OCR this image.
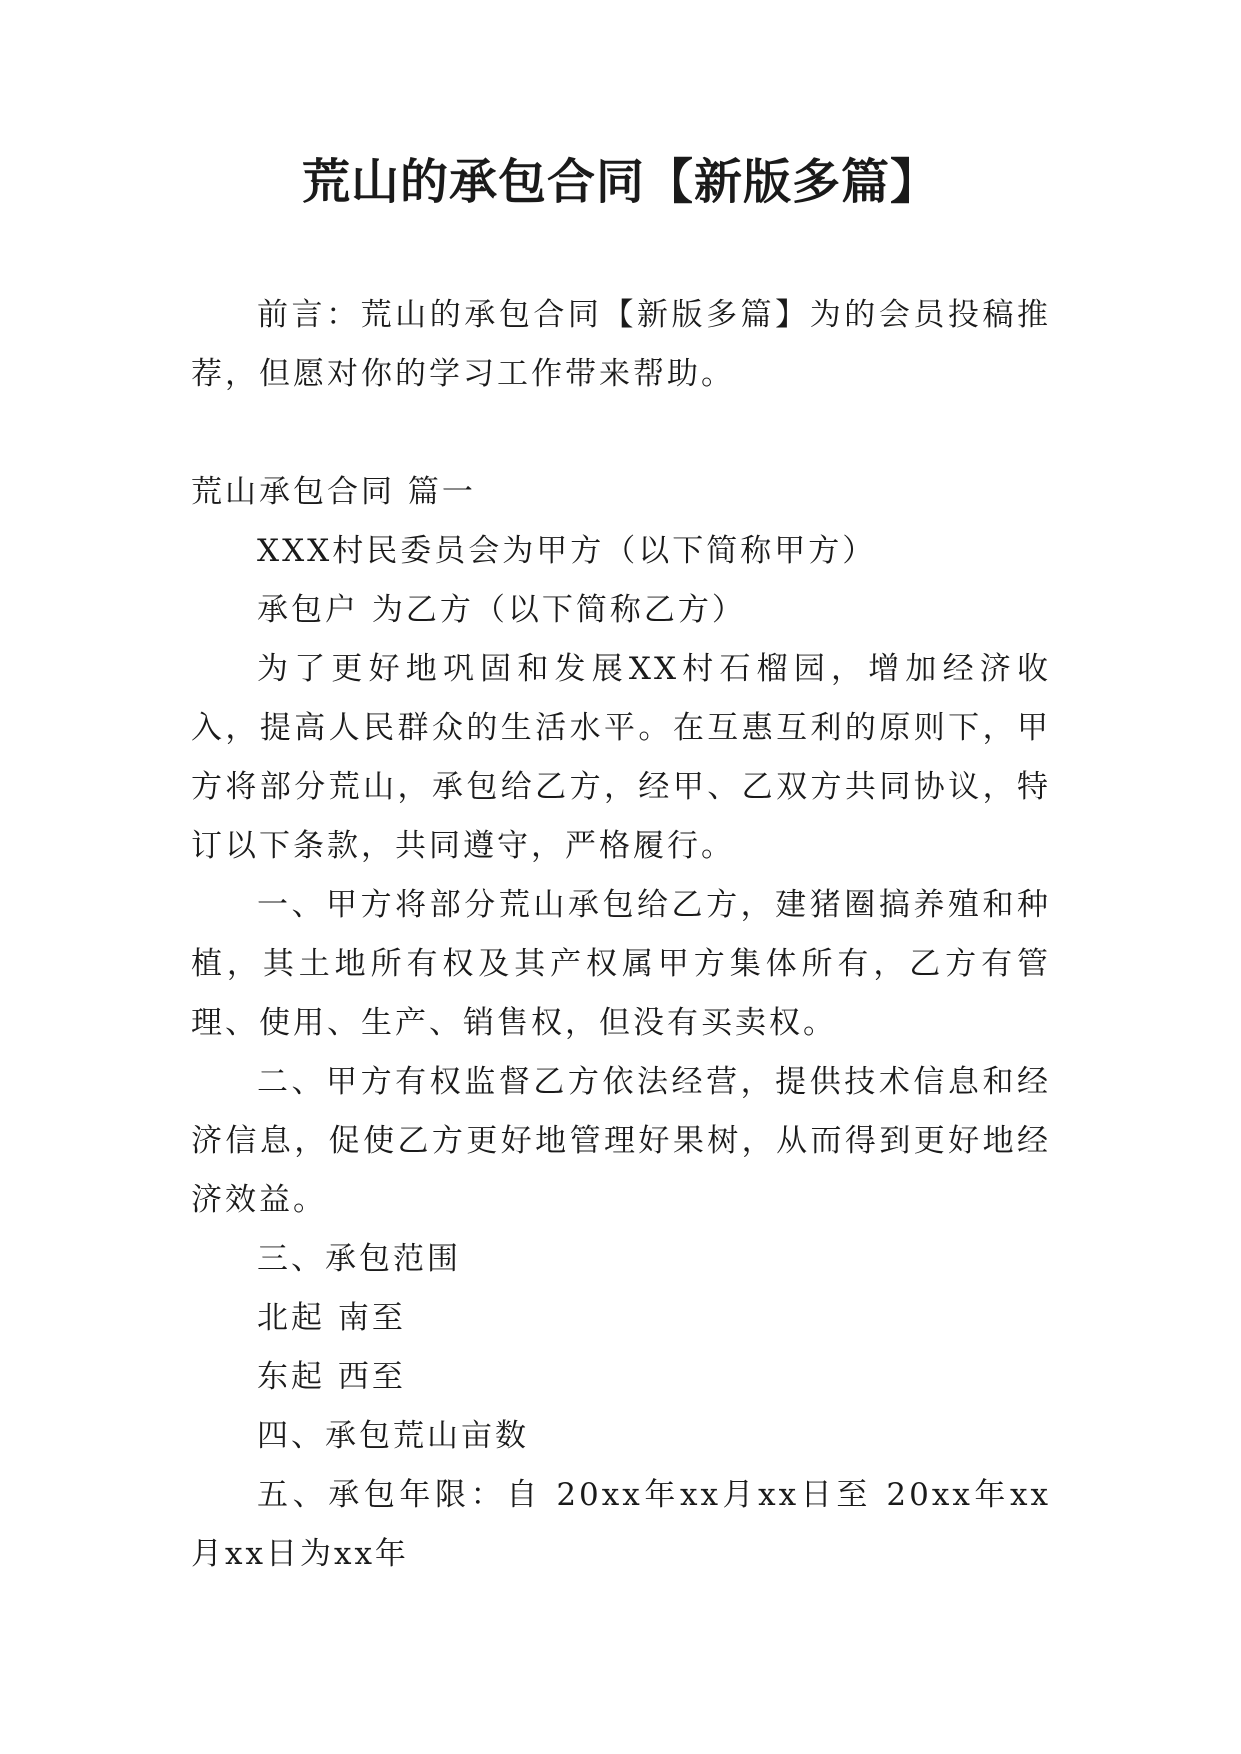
荒山的承包合同【新版多篇】

前言：荒山的承包合同【新版多篇】为的会员投稿推荐，但愿对你的学习工作带来帮助。

荒山承包合同 篇一

XXX村民委员会为甲方（以下简称甲方）

承包户 为乙方（以下简称乙方）

为了更好地巩固和发展XX村石榴园，增加经济收入，提高人民群众的生活水平。在互惠互利的原则下，甲方将部分荒山，承包给乙方，经甲、乙双方共同协议，特订以下条款，共同遵守，严格履行。

一、甲方将部分荒山承包给乙方，建猪圈搞养殖和种植，其土地所有权及其产权属甲方集体所有，乙方有管理、使用、生产、销售权，但没有买卖权。

二、甲方有权监督乙方依法经营，提供技术信息和经济信息，促使乙方更好地管理好果树，从而得到更好地经济效益。

三、承包范围

北起 南至

东起 西至

四、承包荒山亩数

五、承包年限：自 20xx年xx月xx日至 20xx年xx月xx日为xx年
